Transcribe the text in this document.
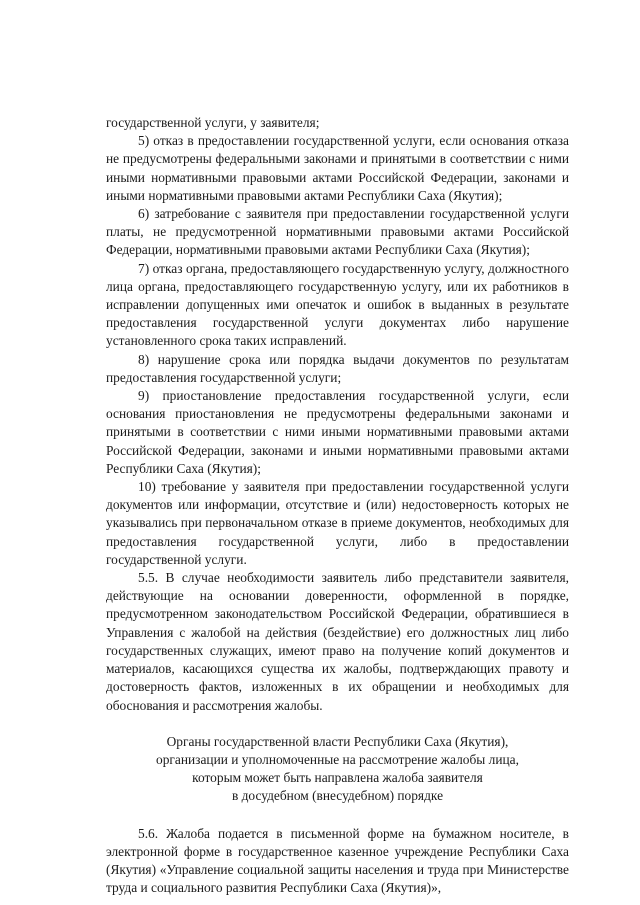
государственной услуги, у заявителя;

5) отказ в предоставлении государственной услуги, если основания отказа не предусмотрены федеральными законами и принятыми в соответствии с ними иными нормативными правовыми актами Российской Федерации, законами и иными нормативными правовыми актами Республики Саха (Якутия);

6) затребование с заявителя при предоставлении государственной услуги платы, не предусмотренной нормативными правовыми актами Российской Федерации, нормативными правовыми актами Республики Саха (Якутия);

7) отказ органа, предоставляющего государственную услугу, должностного лица органа, предоставляющего государственную услугу, или их работников в исправлении допущенных ими опечаток и ошибок в выданных в результате предоставления государственной услуги документах либо нарушение установленного срока таких исправлений.

8) нарушение срока или порядка выдачи документов по результатам предоставления государственной услуги;

9) приостановление предоставления государственной услуги, если основания приостановления не предусмотрены федеральными законами и принятыми в соответствии с ними иными нормативными правовыми актами Российской Федерации, законами и иными нормативными правовыми актами Республики Саха (Якутия);

10) требование у заявителя при предоставлении государственной услуги документов или информации, отсутствие и (или) недостоверность которых не указывались при первоначальном отказе в приеме документов, необходимых для предоставления государственной услуги, либо в предоставлении государственной услуги.

5.5. В случае необходимости заявитель либо представители заявителя, действующие на основании доверенности, оформленной в порядке, предусмотренном законодательством Российской Федерации, обратившиеся в Управления с жалобой на действия (бездействие) его должностных лиц либо государственных служащих, имеют право на получение копий документов и материалов, касающихся существа их жалобы, подтверждающих правоту и достоверность фактов, изложенных в их обращении и необходимых для обоснования и рассмотрения жалобы.

Органы государственной власти Республики Саха (Якутия),
организации и уполномоченные на рассмотрение жалобы лица,
которым может быть направлена жалоба заявителя
в досудебном (внесудебном) порядке

5.6. Жалоба подается в письменной форме на бумажном носителе, в электронной форме в государственное казенное учреждение Республики Саха (Якутия) «Управление социальной защиты населения и труда при Министерстве труда и социального развития Республики Саха (Якутия)»,
